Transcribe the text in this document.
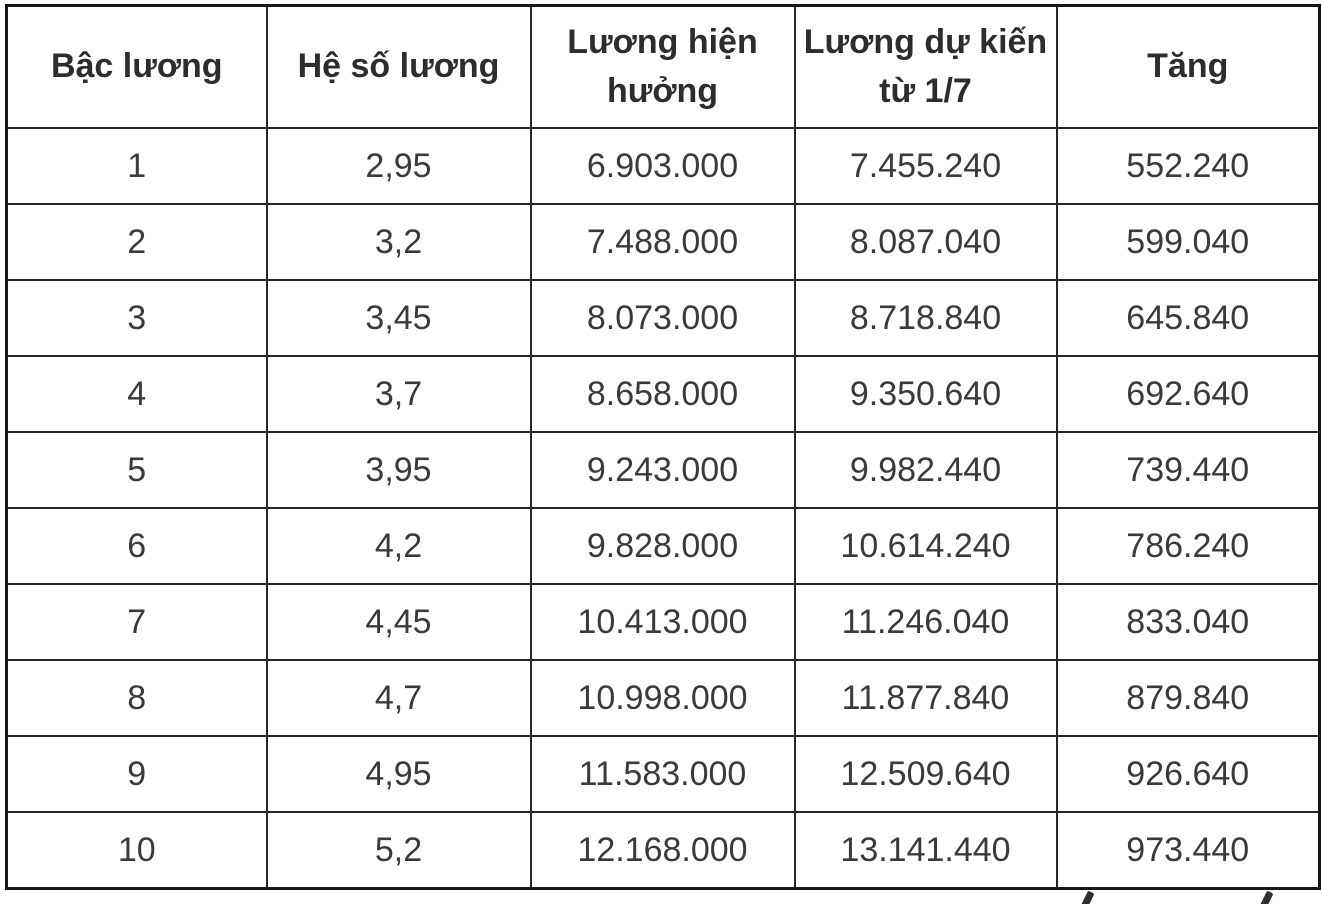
Bậc lương	Hệ số lương	Lương hiện hưởng	Lương dự kiến từ 1/7	Tăng
1	2,95	6.903.000	7.455.240	552.240
2	3,2	7.488.000	8.087.040	599.040
3	3,45	8.073.000	8.718.840	645.840
4	3,7	8.658.000	9.350.640	692.640
5	3,95	9.243.000	9.982.440	739.440
6	4,2	9.828.000	10.614.240	786.240
7	4,45	10.413.000	11.246.040	833.040
8	4,7	10.998.000	11.877.840	879.840
9	4,95	11.583.000	12.509.640	926.640
10	5,2	12.168.000	13.141.440	973.440
